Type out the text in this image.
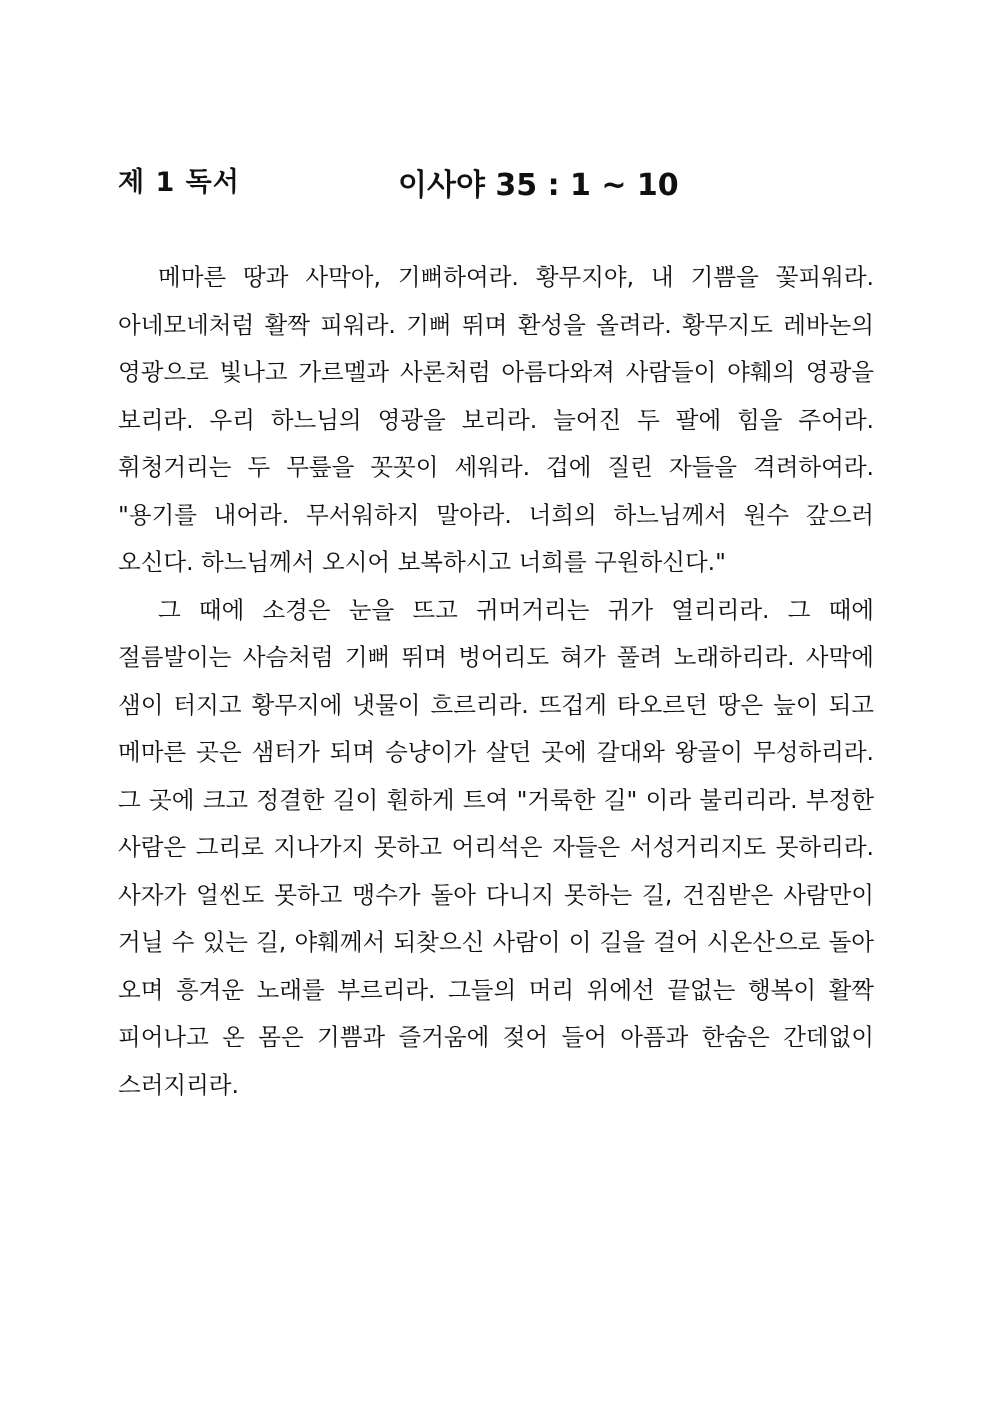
제 1 독서	이사야 35 : 1 ~ 10

메마른 땅과 사막아, 기뻐하여라. 황무지야, 내 기쁨을 꽃피워라. 아네모네처럼 활짝 피워라. 기뻐 뛰며 환성을 올려라. 황무지도 레바논의 영광으로 빛나고 가르멜과 사론처럼 아름다와져 사람들이 야훼의 영광을 보리라. 우리 하느님의 영광을 보리라. 늘어진 두 팔에 힘을 주어라. 휘청거리는 두 무릎을 꼿꼿이 세워라. 겁에 질린 자들을 격려하여라. "용기를 내어라. 무서워하지 말아라. 너희의 하느님께서 원수 갚으러 오신다. 하느님께서 오시어 보복하시고 너희를 구원하신다."

그 때에 소경은 눈을 뜨고 귀머거리는 귀가 열리리라. 그 때에 절름발이는 사슴처럼 기뻐 뛰며 벙어리도 혀가 풀려 노래하리라. 사막에 샘이 터지고 황무지에 냇물이 흐르리라. 뜨겁게 타오르던 땅은 늪이 되고 메마른 곳은 샘터가 되며 승냥이가 살던 곳에 갈대와 왕골이 무성하리라. 그 곳에 크고 정결한 길이 훤하게 트여 "거룩한 길" 이라 불리리라. 부정한 사람은 그리로 지나가지 못하고 어리석은 자들은 서성거리지도 못하리라. 사자가 얼씬도 못하고 맹수가 돌아 다니지 못하는 길, 건짐받은 사람만이 거닐 수 있는 길, 야훼께서 되찾으신 사람이 이 길을 걸어 시온산으로 돌아 오며 흥겨운 노래를 부르리라. 그들의 머리 위에선 끝없는 행복이 활짝 피어나고 온 몸은 기쁨과 즐거움에 젖어 들어 아픔과 한숨은 간데없이 스러지리라.
